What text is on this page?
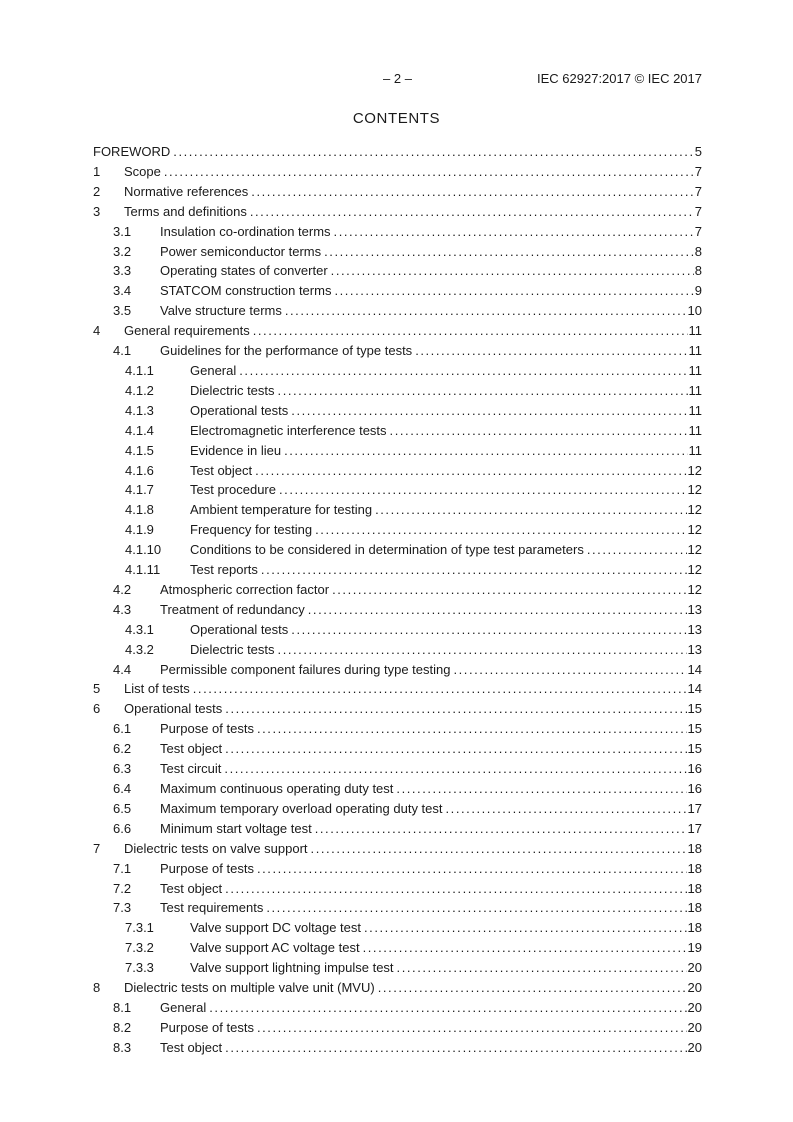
– 2 –	IEC 62927:2017 © IEC 2017
CONTENTS
FOREWORD .....	5
1	Scope .....	7
2	Normative references .....	7
3	Terms and definitions .....	7
3.1	Insulation co-ordination terms .....	7
3.2	Power semiconductor terms .....	8
3.3	Operating states of converter .....	8
3.4	STATCOM construction terms .....	9
3.5	Valve structure terms .....	10
4	General requirements .....	11
4.1	Guidelines for the performance of type tests .....	11
4.1.1	General .....	11
4.1.2	Dielectric tests .....	11
4.1.3	Operational tests .....	11
4.1.4	Electromagnetic interference tests .....	11
4.1.5	Evidence in lieu .....	11
4.1.6	Test object .....	12
4.1.7	Test procedure .....	12
4.1.8	Ambient temperature for testing .....	12
4.1.9	Frequency for testing .....	12
4.1.10	Conditions to be considered in determination of type test parameters .....	12
4.1.11	Test reports .....	12
4.2	Atmospheric correction factor .....	12
4.3	Treatment of redundancy .....	13
4.3.1	Operational tests .....	13
4.3.2	Dielectric tests .....	13
4.4	Permissible component failures during type testing .....	14
5	List of tests .....	14
6	Operational tests .....	15
6.1	Purpose of tests .....	15
6.2	Test object .....	15
6.3	Test circuit .....	16
6.4	Maximum continuous operating duty test .....	16
6.5	Maximum temporary overload operating duty test .....	17
6.6	Minimum start voltage test .....	17
7	Dielectric tests on valve support .....	18
7.1	Purpose of tests .....	18
7.2	Test object .....	18
7.3	Test requirements .....	18
7.3.1	Valve support DC voltage test .....	18
7.3.2	Valve support AC voltage test .....	19
7.3.3	Valve support lightning impulse test .....	20
8	Dielectric tests on multiple valve unit (MVU) .....	20
8.1	General .....	20
8.2	Purpose of tests .....	20
8.3	Test object .....	20
